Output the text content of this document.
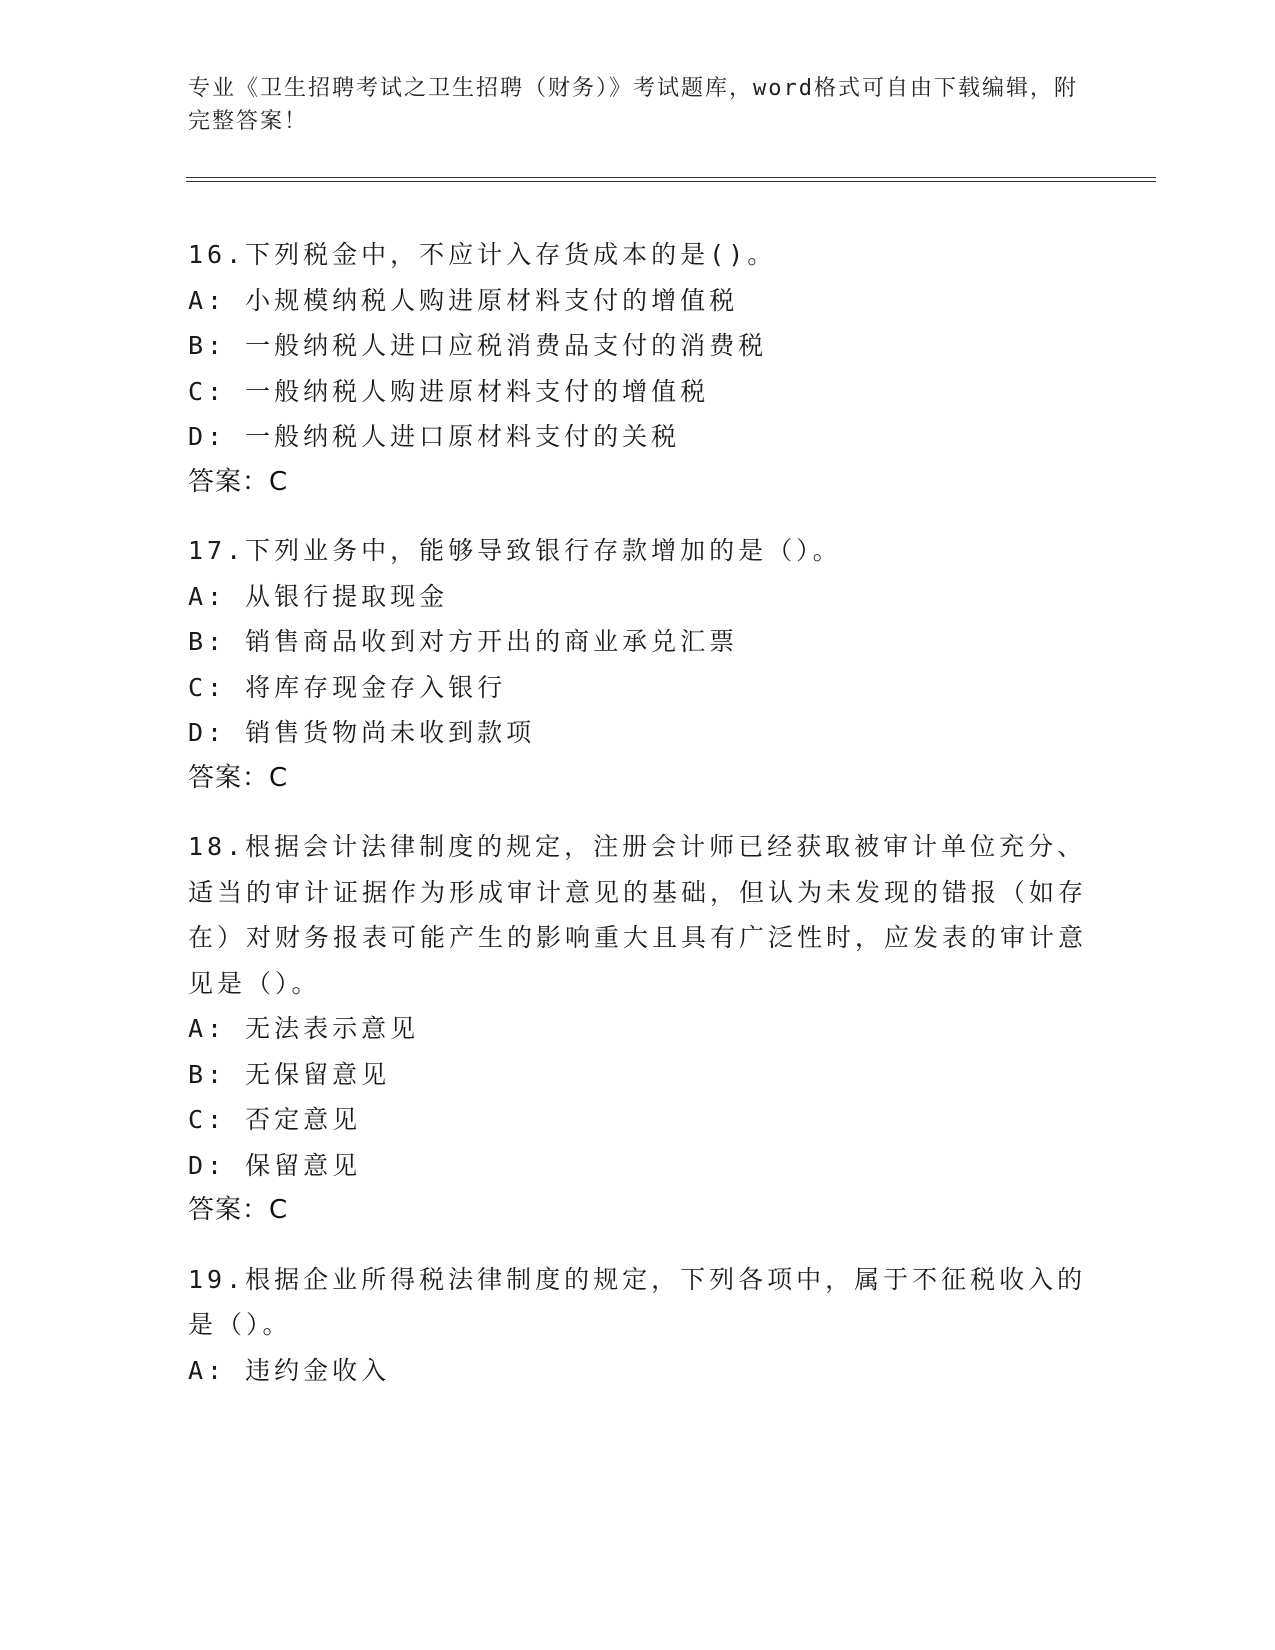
专业《卫生招聘考试之卫生招聘（财务）》考试题库，word格式可自由下载编辑，附完整答案！
16.下列税金中，不应计入存货成本的是()。
A: 小规模纳税人购进原材料支付的增值税
B: 一般纳税人进口应税消费品支付的消费税
C: 一般纳税人购进原材料支付的增值税
D: 一般纳税人进口原材料支付的关税
答案：C
17.下列业务中，能够导致银行存款增加的是（）。
A: 从银行提取现金
B: 销售商品收到对方开出的商业承兑汇票
C: 将库存现金存入银行
D: 销售货物尚未收到款项
答案：C
18.根据会计法律制度的规定，注册会计师已经获取被审计单位充分、适当的审计证据作为形成审计意见的基础，但认为未发现的错报（如存在）对财务报表可能产生的影响重大且具有广泛性时，应发表的审计意见是（）。
A: 无法表示意见
B: 无保留意见
C: 否定意见
D: 保留意见
答案：C
19.根据企业所得税法律制度的规定，下列各项中，属于不征税收入的是（）。
A: 违约金收入
